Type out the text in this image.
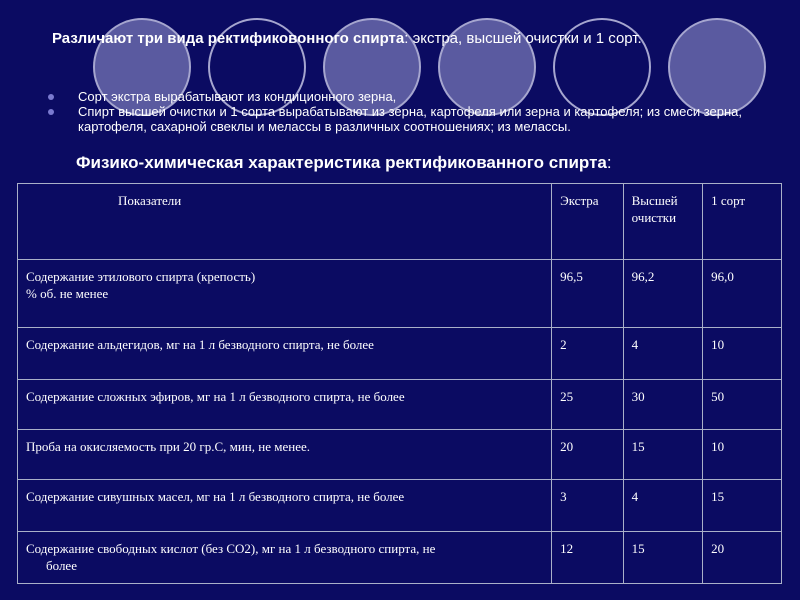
Различают три вида ректификовонного спирта: экстра, высшей очистки и 1 сорт.
Сорт экстра вырабатывают из кондиционного зерна,
Спирт высшей очистки и 1 сорта вырабатывают из зерна, картофеля или зерна и картофеля; из смеси зерна, картофеля, сахарной свеклы и мелассы в различных соотношениях; из мелассы.
Физико-химическая характеристика ректификованного спирта:
Показатели	Экстра	Высшей очистки	1 сорт
Содержание этилового спирта (крепость)
% об. не менее	96,5	96,2	96,0
Содержание альдегидов, мг на 1 л безводного спирта, не более	2	4	10
Содержание сложных эфиров, мг на 1 л безводного спирта, не более	25	30	50
Проба на окисляемость при 20 гр.С, мин, не менее.	20	15	10
Содержание сивушных масел, мг на 1 л безводного спирта, не более	3	4	15
Содержание свободных кислот (без СО2), мг на 1 л безводного спирта, не
более	12	15	20
